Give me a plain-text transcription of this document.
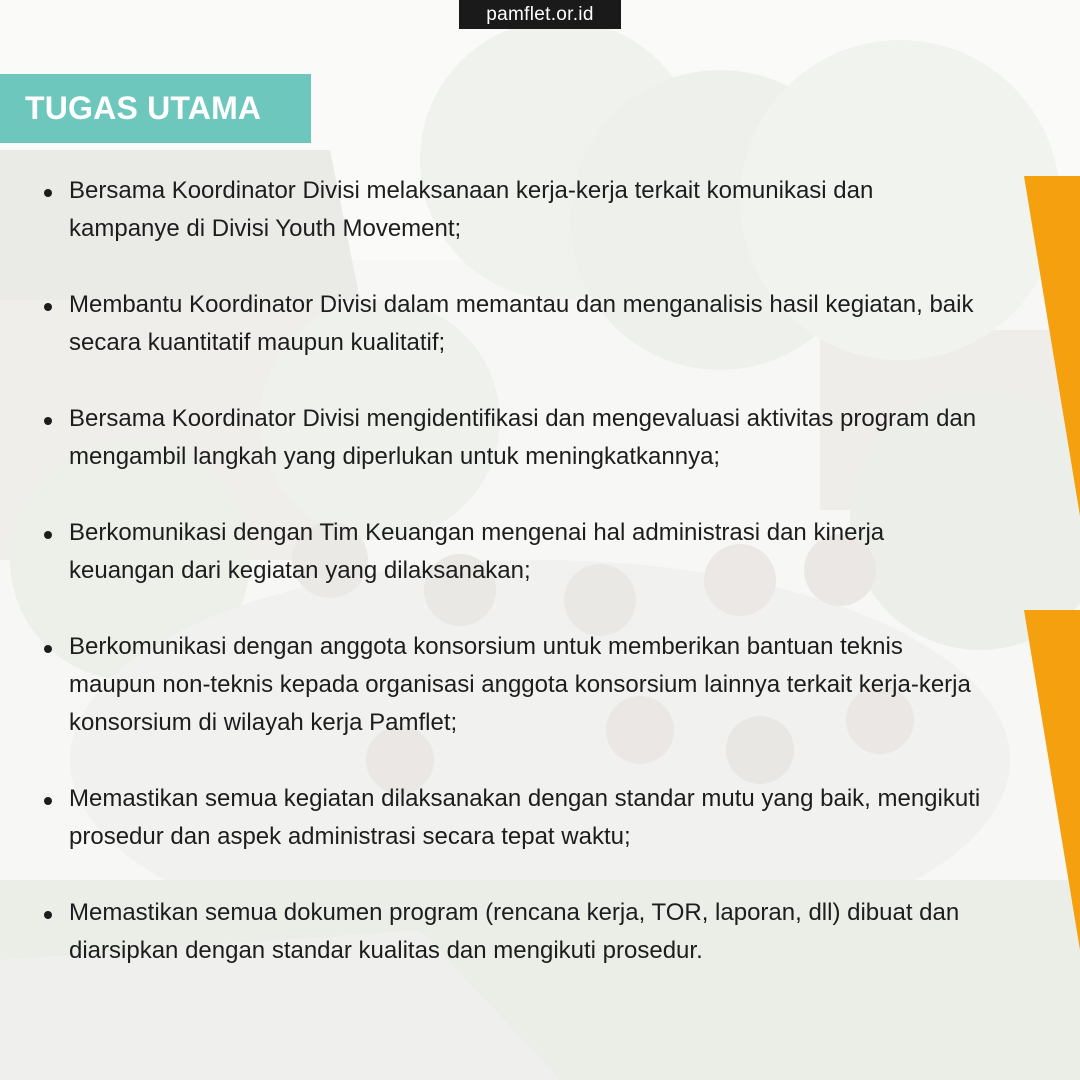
pamflet.or.id
TUGAS UTAMA
Bersama Koordinator Divisi melaksanaan kerja-kerja terkait komunikasi dan kampanye di Divisi Youth Movement;
Membantu Koordinator Divisi dalam memantau dan menganalisis hasil kegiatan, baik secara kuantitatif maupun kualitatif;
Bersama Koordinator Divisi mengidentifikasi dan mengevaluasi aktivitas program dan mengambil langkah yang diperlukan untuk meningkatkannya;
Berkomunikasi dengan Tim Keuangan mengenai hal administrasi dan kinerja keuangan dari kegiatan yang dilaksanakan;
Berkomunikasi dengan anggota konsorsium untuk memberikan bantuan teknis maupun non-teknis kepada organisasi anggota konsorsium lainnya terkait kerja-kerja konsorsium di wilayah kerja Pamflet;
Memastikan semua kegiatan dilaksanakan dengan standar mutu yang baik, mengikuti prosedur dan aspek administrasi secara tepat waktu;
Memastikan semua dokumen program (rencana kerja, TOR, laporan, dll) dibuat dan diarsipkan dengan standar kualitas dan mengikuti prosedur.
